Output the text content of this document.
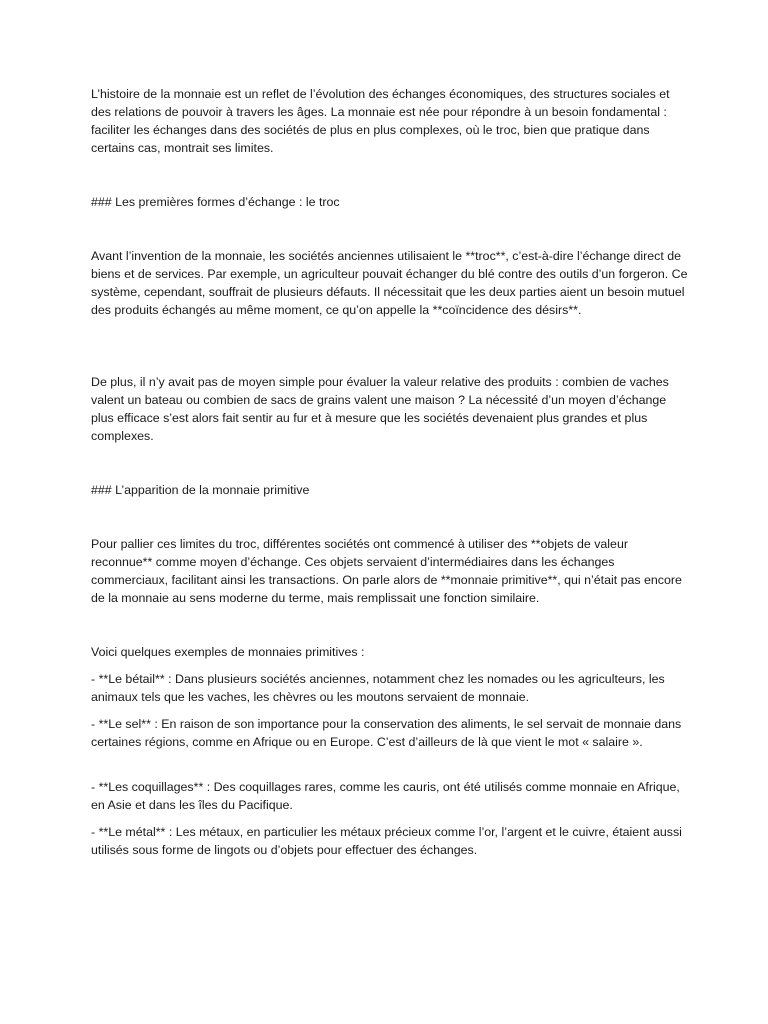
L’histoire de la monnaie est un reflet de l’évolution des échanges économiques, des structures sociales et des relations de pouvoir à travers les âges. La monnaie est née pour répondre à un besoin fondamental : faciliter les échanges dans des sociétés de plus en plus complexes, où le troc, bien que pratique dans certains cas, montrait ses limites.

### Les premières formes d’échange : le troc

Avant l’invention de la monnaie, les sociétés anciennes utilisaient le **troc**, c’est-à-dire l’échange direct de biens et de services. Par exemple, un agriculteur pouvait échanger du blé contre des outils d’un forgeron. Ce système, cependant, souffrait de plusieurs défauts. Il nécessitait que les deux parties aient un besoin mutuel des produits échangés au même moment, ce qu’on appelle la **coïncidence des désirs**.

De plus, il n’y avait pas de moyen simple pour évaluer la valeur relative des produits : combien de vaches valent un bateau ou combien de sacs de grains valent une maison ? La nécessité d’un moyen d’échange plus efficace s’est alors fait sentir au fur et à mesure que les sociétés devenaient plus grandes et plus complexes.

### L’apparition de la monnaie primitive

Pour pallier ces limites du troc, différentes sociétés ont commencé à utiliser des **objets de valeur reconnue** comme moyen d’échange. Ces objets servaient d’intermédiaires dans les échanges commerciaux, facilitant ainsi les transactions. On parle alors de **monnaie primitive**, qui n’était pas encore de la monnaie au sens moderne du terme, mais remplissait une fonction similaire.

Voici quelques exemples de monnaies primitives :

- **Le bétail** : Dans plusieurs sociétés anciennes, notamment chez les nomades ou les agriculteurs, les animaux tels que les vaches, les chèvres ou les moutons servaient de monnaie.

- **Le sel** : En raison de son importance pour la conservation des aliments, le sel servait de monnaie dans certaines régions, comme en Afrique ou en Europe. C’est d’ailleurs de là que vient le mot « salaire ».

- **Les coquillages** : Des coquillages rares, comme les cauris, ont été utilisés comme monnaie en Afrique, en Asie et dans les îles du Pacifique.

- **Le métal** : Les métaux, en particulier les métaux précieux comme l’or, l’argent et le cuivre, étaient aussi utilisés sous forme de lingots ou d’objets pour effectuer des échanges.
